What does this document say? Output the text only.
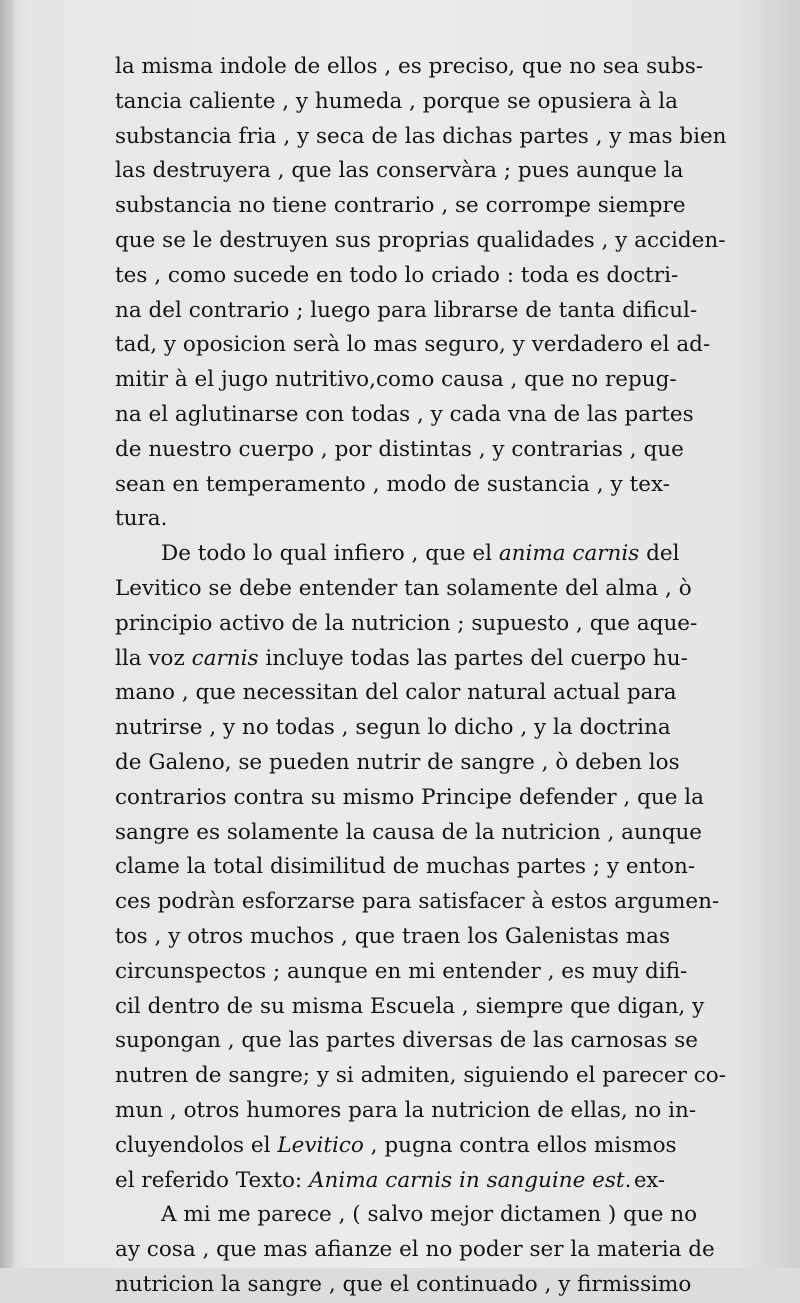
la misma indole de ellos , es preciso, que no sea subs-
tancia caliente , y humeda , porque se opusiera à la
substancia fria , y seca de las dichas partes , y mas bien
las destruyera , que las conservàra ; pues aunque la
substancia no tiene contrario , se corrompe siempre
que se le destruyen sus proprias qualidades , y acciden-
tes , como sucede en todo lo criado : toda es doctri-
na del contrario ; luego para librarse de tanta dificul-
tad, y oposicion serà lo mas seguro, y verdadero el ad-
mitir à el jugo nutritivo,como causa , que no repug-
na el aglutinarse con todas , y cada vna de las partes
de nuestro cuerpo , por distintas , y contrarias , que
sean en temperamento , modo de sustancia , y tex-
tura.
De todo lo qual infiero , que el anima carnis del
Levitico se debe entender tan solamente del alma , ò
principio activo de la nutricion ; supuesto , que aque-
lla voz carnis incluye todas las partes del cuerpo hu-
mano , que necessitan del calor natural actual para
nutrirse , y no todas , segun lo dicho , y la doctrina
de Galeno, se pueden nutrir de sangre , ò deben los
contrarios contra su mismo Principe defender , que la
sangre es solamente la causa de la nutricion , aunque
clame la total disimilitud de muchas partes ; y enton-
ces podràn esforzarse para satisfacer à estos argumen-
tos , y otros muchos , que traen los Galenistas mas
circunspectos ; aunque en mi entender , es muy difi-
cil dentro de su misma Escuela , siempre que digan, y
supongan , que las partes diversas de las carnosas se
nutren de sangre; y si admiten, siguiendo el parecer co-
mun , otros humores para la nutricion de ellas, no in-
cluyendolos el Levitico , pugna contra ellos mismos
el referido Texto: Anima carnis in sanguine est.
A mi me parece , ( salvo mejor dictamen ) que no
ay cosa , que mas afianze el no poder ser la materia de
nutricion la sangre , que el continuado , y firmissimo
ex-
